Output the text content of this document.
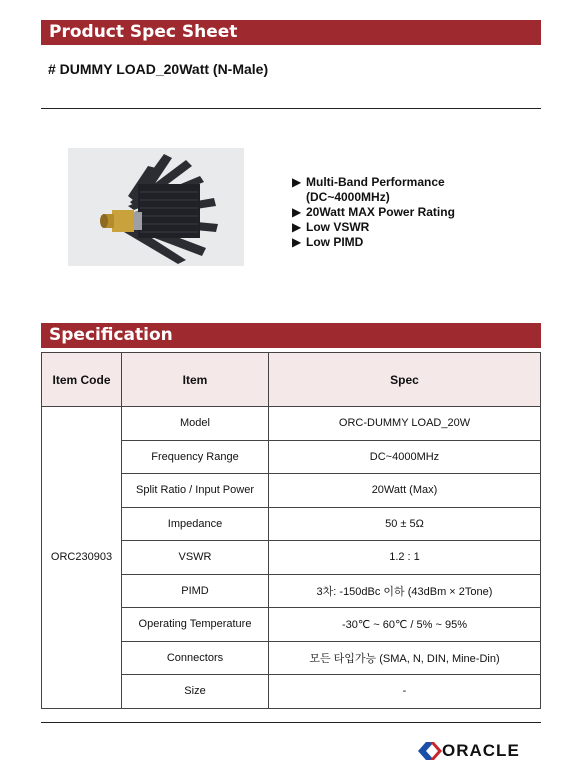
Product Spec Sheet
# DUMMY LOAD_20Watt (N-Male)
▶ Multi-Band Performance
(DC~4000MHz)
▶ 20Watt MAX Power Rating
▶ Low VSWR
▶ Low PIMD
Specification
Item Code	Item	Spec
ORC230903	Model	ORC-DUMMY LOAD_20W
	Frequency Range	DC~4000MHz
	Split Ratio / Input Power	20Watt (Max)
	Impedance	50 ± 5Ω
	VSWR	1.2 : 1
	PIMD	3차: -150dBc 이하 (43dBm × 2Tone)
	Operating Temperature	-30℃ ~ 60℃ / 5% ~ 95%
	Connectors	모든 타입가능 (SMA, N, DIN, Mine-Din)
	Size	-
ORACLE
